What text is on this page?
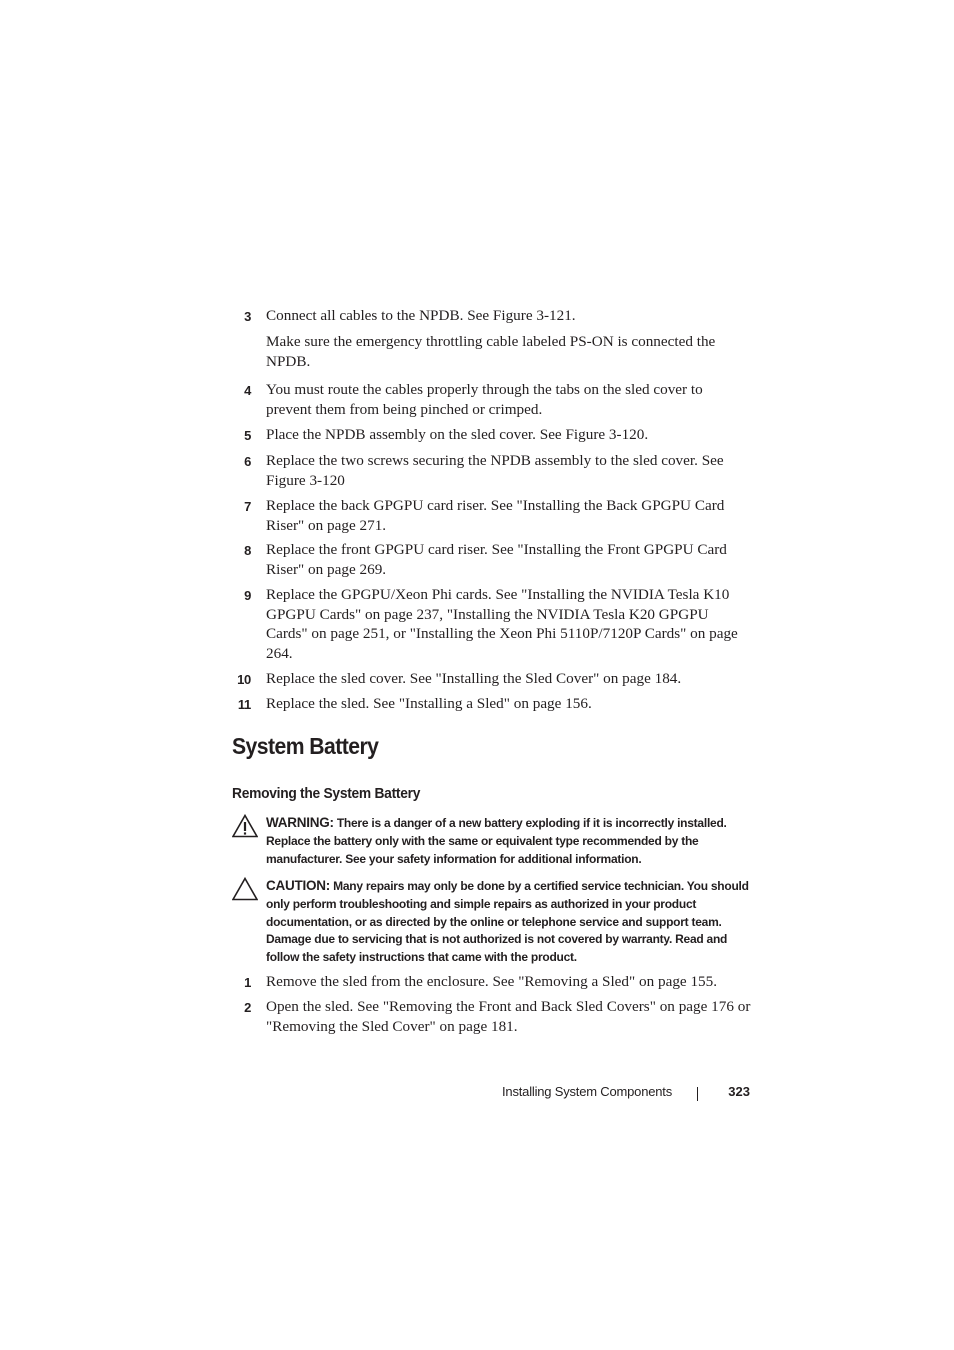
3 Connect all cables to the NPDB. See Figure 3-121.
Make sure the emergency throttling cable labeled PS-ON is connected the NPDB.
4 You must route the cables properly through the tabs on the sled cover to prevent them from being pinched or crimped.
5 Place the NPDB assembly on the sled cover. See Figure 3-120.
6 Replace the two screws securing the NPDB assembly to the sled cover. See Figure 3-120
7 Replace the back GPGPU card riser. See "Installing the Back GPGPU Card Riser" on page 271.
8 Replace the front GPGPU card riser. See "Installing the Front GPGPU Card Riser" on page 269.
9 Replace the GPGPU/Xeon Phi cards. See "Installing the NVIDIA Tesla K10 GPGPU Cards" on page 237, "Installing the NVIDIA Tesla K20 GPGPU Cards" on page 251, or "Installing the Xeon Phi 5110P/7120P Cards" on page 264.
10 Replace the sled cover. See "Installing the Sled Cover" on page 184.
11 Replace the sled. See "Installing a Sled" on page 156.
System Battery
Removing the System Battery
WARNING: There is a danger of a new battery exploding if it is incorrectly installed. Replace the battery only with the same or equivalent type recommended by the manufacturer. See your safety information for additional information.
CAUTION: Many repairs may only be done by a certified service technician. You should only perform troubleshooting and simple repairs as authorized in your product documentation, or as directed by the online or telephone service and support team. Damage due to servicing that is not authorized is not covered by warranty. Read and follow the safety instructions that came with the product.
1 Remove the sled from the enclosure. See "Removing a Sled" on page 155.
2 Open the sled. See "Removing the Front and Back Sled Covers" on page 176 or "Removing the Sled Cover" on page 181.
Installing System Components	323
